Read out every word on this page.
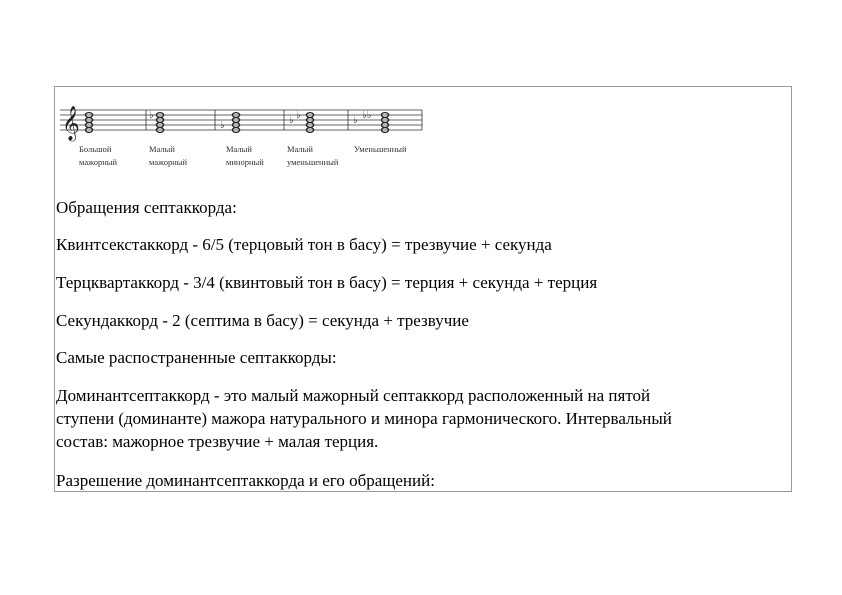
𝄞	♭
♭	♭ ♭	♭ ♭♭
Большой
мажорный
Малый
мажорный
Малый
минорный
Малый
уменьшенный
Уменьшенный
Обращения септаккорда:
Квинтсекстаккорд - 6/5 (терцовый тон в басу) = трезвучие + секунда
Терцквартаккорд - 3/4 (квинтовый тон в басу) = терция + секунда + терция
Секундаккорд - 2 (септима в басу) = секунда + трезвучие
Самые распостраненные септаккорды:
Доминантсептаккорд - это малый мажорный септаккорд расположенный на пятой
ступени (доминанте) мажора натурального и минора гармонического. Интервальный
состав: мажорное трезвучие + малая терция.
Разрешение доминантсептаккорда и его обращений:
